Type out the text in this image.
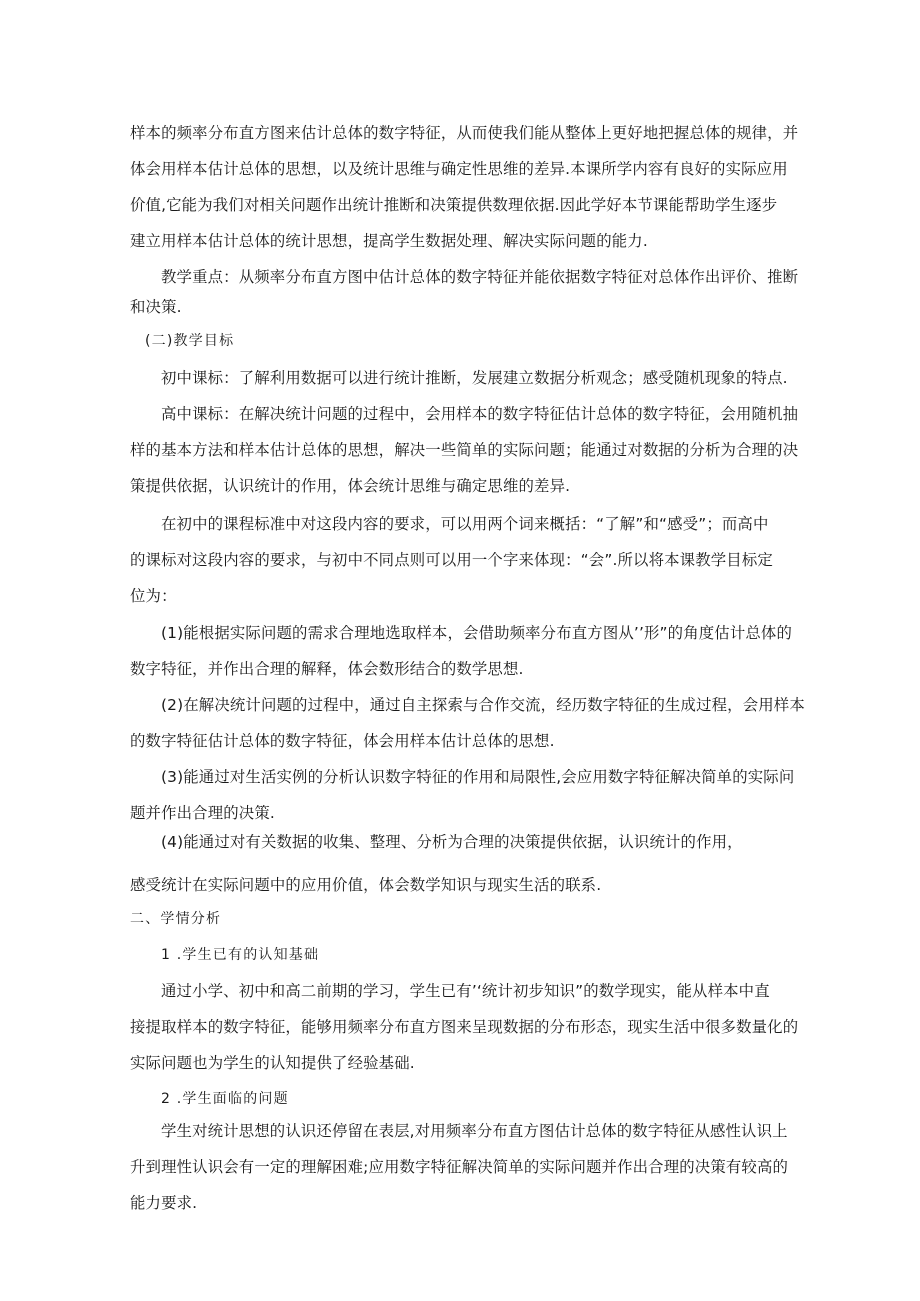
样本的频率分布直方图来估计总体的数字特征，从而使我们能从整体上更好地把握总体的规律，并
体会用样本估计总体的思想，以及统计思维与确定性思维的差异.本课所学内容有良好的实际应用
价值,它能为我们对相关问题作出统计推断和决策提供数理依据.因此学好本节课能帮助学生逐步
建立用样本估计总体的统计思想，提高学生数据处理、解决实际问题的能力.
教学重点：从频率分布直方图中估计总体的数字特征并能依据数字特征对总体作出评价、推断
和决策.
(二)教学目标
初中课标：了解利用数据可以进行统计推断，发展建立数据分析观念；感受随机现象的特点.
高中课标：在解决统计问题的过程中，会用样本的数字特征估计总体的数字特征，会用随机抽
样的基本方法和样本估计总体的思想，解决一些简单的实际问题；能通过对数据的分析为合理的决
策提供依据，认识统计的作用，体会统计思维与确定思维的差异.
在初中的课程标准中对这段内容的要求，可以用两个词来概括：“了解”和“感受”；而高中
的课标对这段内容的要求，与初中不同点则可以用一个字来体现：“会”.所以将本课教学目标定
位为：
(1)能根据实际问题的需求合理地选取样本，会借助频率分布直方图从’’形”的角度估计总体的
数字特征，并作出合理的解释，体会数形结合的数学思想.
(2)在解决统计问题的过程中，通过自主探索与合作交流，经历数字特征的生成过程，会用样本
的数字特征估计总体的数字特征，体会用样本估计总体的思想.
(3)能通过对生活实例的分析认识数字特征的作用和局限性,会应用数字特征解决简单的实际问
题并作出合理的决策.
(4)能通过对有关数据的收集、整理、分析为合理的决策提供依据，认识统计的作用，
感受统计在实际问题中的应用价值，体会数学知识与现实生活的联系.
二、学情分析
1 .学生已有的认知基础
通过小学、初中和高二前期的学习，学生已有’‘统计初步知识”的数学现实，能从样本中直
接提取样本的数字特征，能够用频率分布直方图来呈现数据的分布形态，现实生活中很多数量化的
实际问题也为学生的认知提供了经验基础.
2 .学生面临的问题
学生对统计思想的认识还停留在表层,对用频率分布直方图估计总体的数字特征从感性认识上
升到理性认识会有一定的理解困难;应用数字特征解决简单的实际问题并作出合理的决策有较高的
能力要求.
